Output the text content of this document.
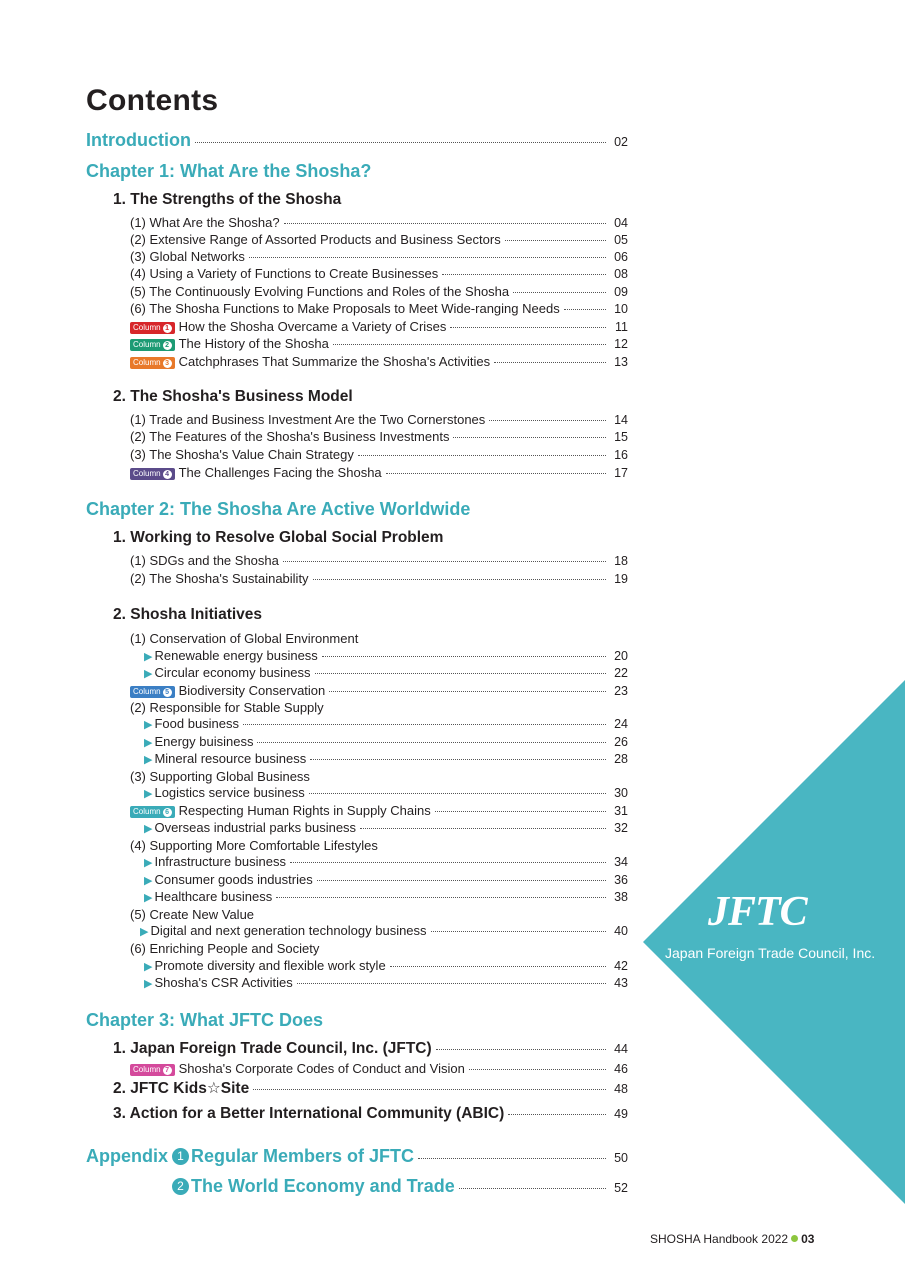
Contents
Introduction	02
Chapter 1: What Are the Shosha?
1. The Strengths of the Shosha
(1) What Are the Shosha?	04
(2) Extensive Range of Assorted Products and Business Sectors	05
(3) Global Networks	06
(4) Using a Variety of Functions to Create Businesses	08
(5) The Continuously Evolving Functions and Roles of the Shosha	09
(6) The Shosha Functions to Make Proposals to Meet Wide-ranging Needs	10
Column 1 How the Shosha Overcame a Variety of Crises	11
Column 2 The History of the Shosha	12
Column 3 Catchphrases That Summarize the Shosha's Activities	13
2. The Shosha's Business Model
(1) Trade and Business Investment Are the Two Cornerstones	14
(2) The Features of the Shosha's Business Investments	15
(3) The Shosha's Value Chain Strategy	16
Column 4 The Challenges Facing the Shosha	17
Chapter 2: The Shosha Are Active Worldwide
1. Working to Resolve Global Social Problem
(1) SDGs and the Shosha	18
(2) The Shosha's Sustainability	19
2. Shosha Initiatives
(1) Conservation of Global Environment
▶ Renewable energy business	20
▶ Circular economy business	22
Column 5 Biodiversity Conservation	23
(2) Responsible for Stable Supply
▶ Food business	24
▶ Energy buisiness	26
▶ Mineral resource business	28
(3) Supporting Global Business
▶ Logistics service business	30
Column 6 Respecting Human Rights in Supply Chains	31
▶ Overseas industrial parks business	32
(4) Supporting More Comfortable Lifestyles
▶ Infrastructure business	34
▶ Consumer goods industries	36
▶ Healthcare business	38
(5) Create New Value
▶ Digital and next generation technology business	40
(6) Enriching People and Society
▶ Promote diversity and flexible work style	42
▶ Shosha's CSR Activities	43
Chapter 3: What JFTC Does
1. Japan Foreign Trade Council, Inc. (JFTC)	44
Column 7 Shosha's Corporate Codes of Conduct and Vision	46
2. JFTC Kids☆Site	48
3. Action for a Better International Community (ABIC)	49
Appendix 1 Regular Members of JFTC	50
2 The World Economy and Trade	52
JFTC
Japan Foreign Trade Council, Inc.
SHOSHA Handbook 2022 03
